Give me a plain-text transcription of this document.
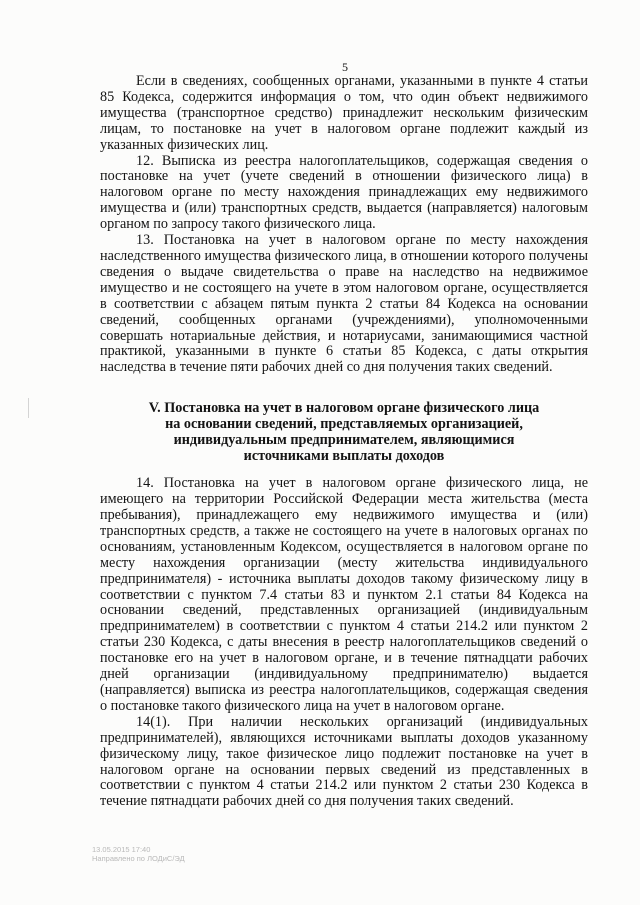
5

Если в сведениях, сообщенных органами, указанными в пункте 4 статьи 85 Кодекса, содержится информация о том, что один объект недвижимого имущества (транспортное средство) принадлежит нескольким физическим лицам, то постановке на учет в налоговом органе подлежит каждый из указанных физических лиц.

12. Выписка из реестра налогоплательщиков, содержащая сведения о постановке на учет (учете сведений в отношении физического лица) в налоговом органе по месту нахождения принадлежащих ему недвижимого имущества и (или) транспортных средств, выдается (направляется) налоговым органом по запросу такого физического лица.

13. Постановка на учет в налоговом органе по месту нахождения наследственного имущества физического лица, в отношении которого получены сведения о выдаче свидетельства о праве на наследство на недвижимое имущество и не состоящего на учете в этом налоговом органе, осуществляется в соответствии с абзацем пятым пункта 2 статьи 84 Кодекса на основании сведений, сообщенных органами (учреждениями), уполномоченными совершать нотариальные действия, и нотариусами, занимающимися частной практикой, указанными в пункте 6 статьи 85 Кодекса, с даты открытия наследства в течение пяти рабочих дней со дня получения таких сведений.

V. Постановка на учет в налоговом органе физического лица
на основании сведений, представляемых организацией,
индивидуальным предпринимателем, являющимися
источниками выплаты доходов

14. Постановка на учет в налоговом органе физического лица, не имеющего на территории Российской Федерации места жительства (места пребывания), принадлежащего ему недвижимого имущества и (или) транспортных средств, а также не состоящего на учете в налоговых органах по основаниям, установленным Кодексом, осуществляется в налоговом органе по месту нахождения организации (месту жительства индивидуального предпринимателя) - источника выплаты доходов такому физическому лицу в соответствии с пунктом 7.4 статьи 83 и пунктом 2.1 статьи 84 Кодекса на основании сведений, представленных организацией (индивидуальным предпринимателем) в соответствии с пунктом 4 статьи 214.2 или пунктом 2 статьи 230 Кодекса, с даты внесения в реестр налогоплательщиков сведений о постановке его на учет в налоговом органе, и в течение пятнадцати рабочих дней организации (индивидуальному предпринимателю) выдается (направляется) выписка из реестра налогоплательщиков, содержащая сведения о постановке такого физического лица на учет в налоговом органе.

14(1). При наличии нескольких организаций (индивидуальных предпринимателей), являющихся источниками выплаты доходов указанному физическому лицу, такое физическое лицо подлежит постановке на учет в налоговом органе на основании первых сведений из представленных в соответствии с пунктом 4 статьи 214.2 или пунктом 2 статьи 230 Кодекса в течение пятнадцати рабочих дней со дня получения таких сведений.

13.05.2015 17:40
Направлено по ЛОДиС/ЭД
